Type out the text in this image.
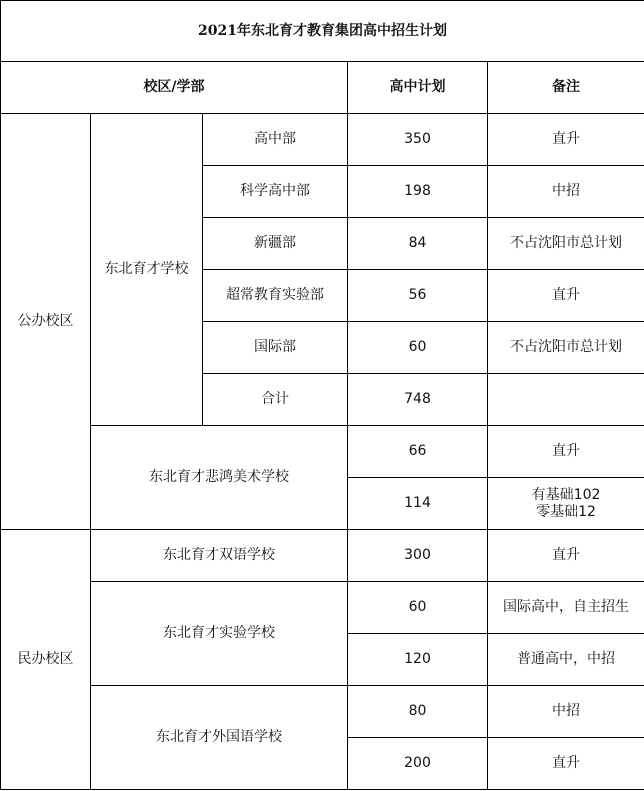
2021年东北育才教育集团高中招生计划				
校区/学部			高中计划	备注
公办校区	东北育才学校	高中部	350	直升
		科学高中部	198	中招
		新疆部	84	不占沈阳市总计划
		超常教育实验部	56	直升
		国际部	60	不占沈阳市总计划
		合计	748	
	东北育才悲鸿美术学校		66	直升
			114	有基础102
零基础12

民办校区	东北育才双语学校		300	直升
	东北育才实验学校		60	国际高中，自主招生
			120	普通高中，中招
	东北育才外国语学校		80	中招
			200	直升
